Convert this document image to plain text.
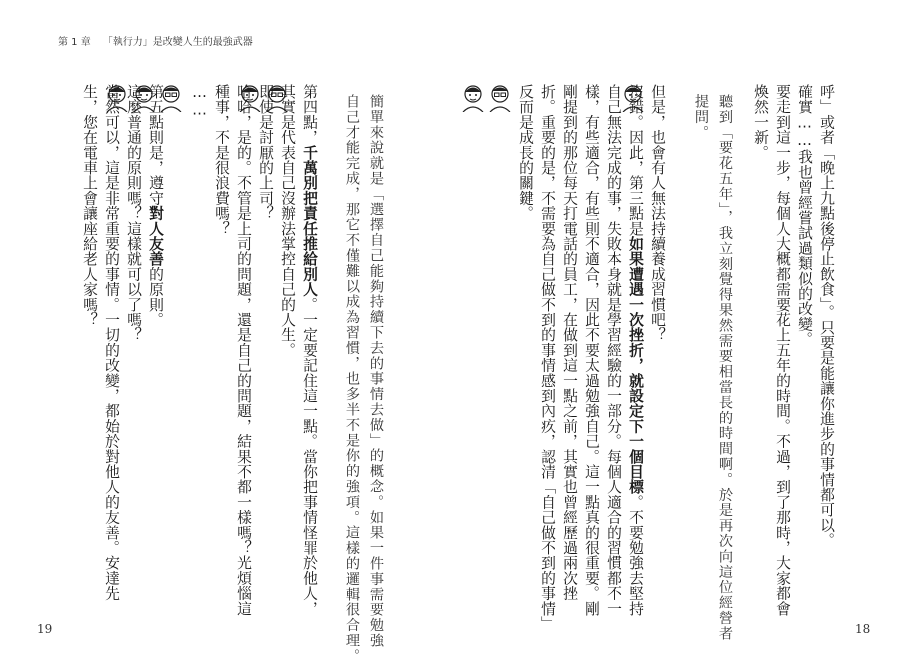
呼」或者「晚上九點後停止飲食」。只要是能讓你進步的事情都可以。
確實……我也曾經嘗試過類似的改變。
要走到這一步，每個人大概都需要花上五年的時間。不過，到了那時，大家都會
煥然一新。
聽到「要花五年」，我立刻覺得果然需要相當長的時間啊。於是再次向這位經營者
提問。
但是，也會有人無法持續養成習慣吧？
沒錯。因此，第三點是如果遭遇一次挫折，就設定下一個目標。不要勉強去堅持
自己無法完成的事，失敗本身就是學習經驗的一部分。每個人適合的習慣都不一
樣，有些適合，有些則不適合，因此不要太過勉強自己。這一點真的很重要。剛
剛提到的那位每天打電話的員工，在做到這一點之前，其實也曾經歷過兩次挫
折。重要的是，不需要為自己做不到的事情感到內疚，認清「自己做不到的事情」
反而是成長的關鍵。
18
第 1 章 「執行力」是改變人生的最強武器
簡單來說就是「選擇自己能夠持續下去的事情去做」的概念。如果一件事需要勉強
自己才能完成，那它不僅難以成為習慣，也多半不是你的強項。這樣的邏輯很合理。
第四點，千萬別把責任推給別人。一定要記住這一點。當你把事情怪罪於他人，
其實是代表自己沒辦法掌控自己的人生。
即使是討厭的上司？
哈哈，是的。不管是上司的問題，還是自己的問題，結果不都一樣嗎？光煩惱這
種事，不是很浪費嗎？
……
第五點則是，遵守對人友善的原則。
這麼普通的原則嗎？這樣就可以了嗎？
當然可以，這是非常重要的事情。一切的改變，都始於對他人的友善。安達先
生，您在電車上會讓座給老人家嗎？
19
